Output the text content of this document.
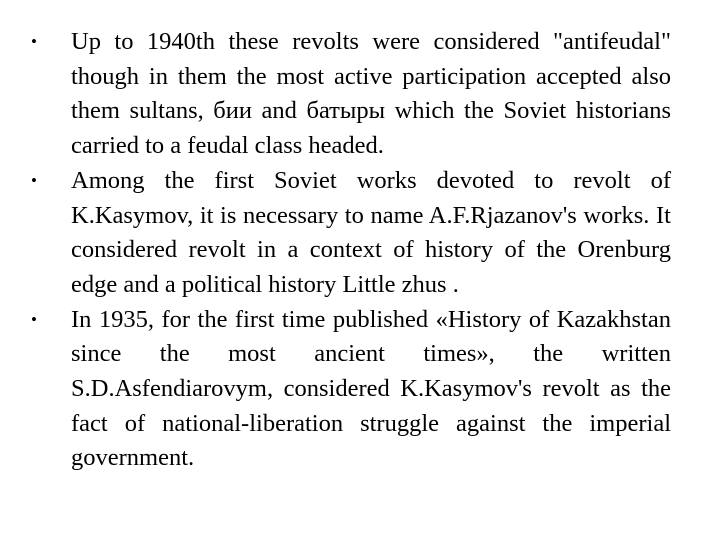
• Up to 1940th these revolts were considered "antifeudal" though in them the most active participation accepted also them sultans, бии and батыры which the Soviet historians carried to a feudal class headed.
• Among the first Soviet works devoted to revolt of K.Kasymov, it is necessary to name A.F.Rjazanov's works. It considered revolt in a context of history of the Orenburg edge and a political history Little zhus .
• In 1935, for the first time published «History of Kazakhstan since the most ancient times», the written S.D.Asfendiarovym, considered K.Kasymov's revolt as the fact of national-liberation struggle against the imperial government.
